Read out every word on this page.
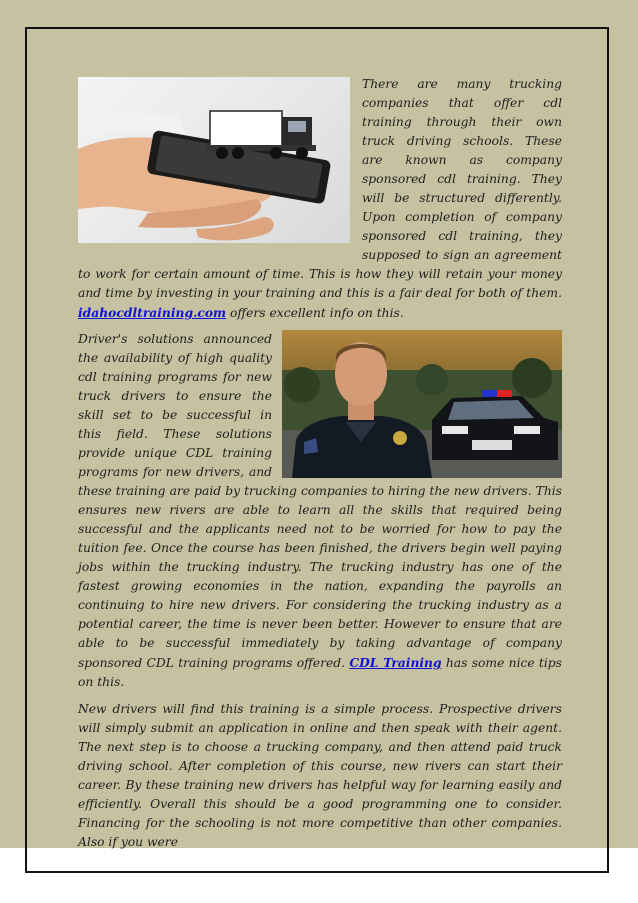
There are many trucking companies that offer cdl training through their own truck driving schools. These are known as company sponsored cdl training. They will be structured differently. Upon completion of company sponsored cdl training, they supposed to sign an agreement to work for certain amount of time. This is how they will retain your money and time by investing in your training and this is a fair deal for both of them. idahocdltraining.com offers excellent info on this.

Driver's solutions announced the availability of high quality cdl training programs for new truck drivers to ensure the skill set to be successful in this field. These solutions provide unique CDL training programs for new drivers, and these training are paid by trucking companies to hiring the new drivers. This ensures new rivers are able to learn all the skills that required being successful and the applicants need not to be worried for how to pay the tuition fee. Once the course has been finished, the drivers begin well paying jobs within the trucking industry. The trucking industry has one of the fastest growing economies in the nation, expanding the payrolls an continuing to hire new drivers. For considering the trucking industry as a potential career, the time is never been better. However to ensure that are able to be successful immediately by taking advantage of company sponsored CDL training programs offered. CDL Training has some nice tips on this.

New drivers will find this training is a simple process. Prospective drivers will simply submit an application in online and then speak with their agent. The next step is to choose a trucking company, and then attend paid truck driving school. After completion of this course, new rivers can start their career. By these training new drivers has helpful way for learning easily and efficiently. Overall this should be a good programming one to consider. Financing for the schooling is not more competitive than other companies. Also if you were
